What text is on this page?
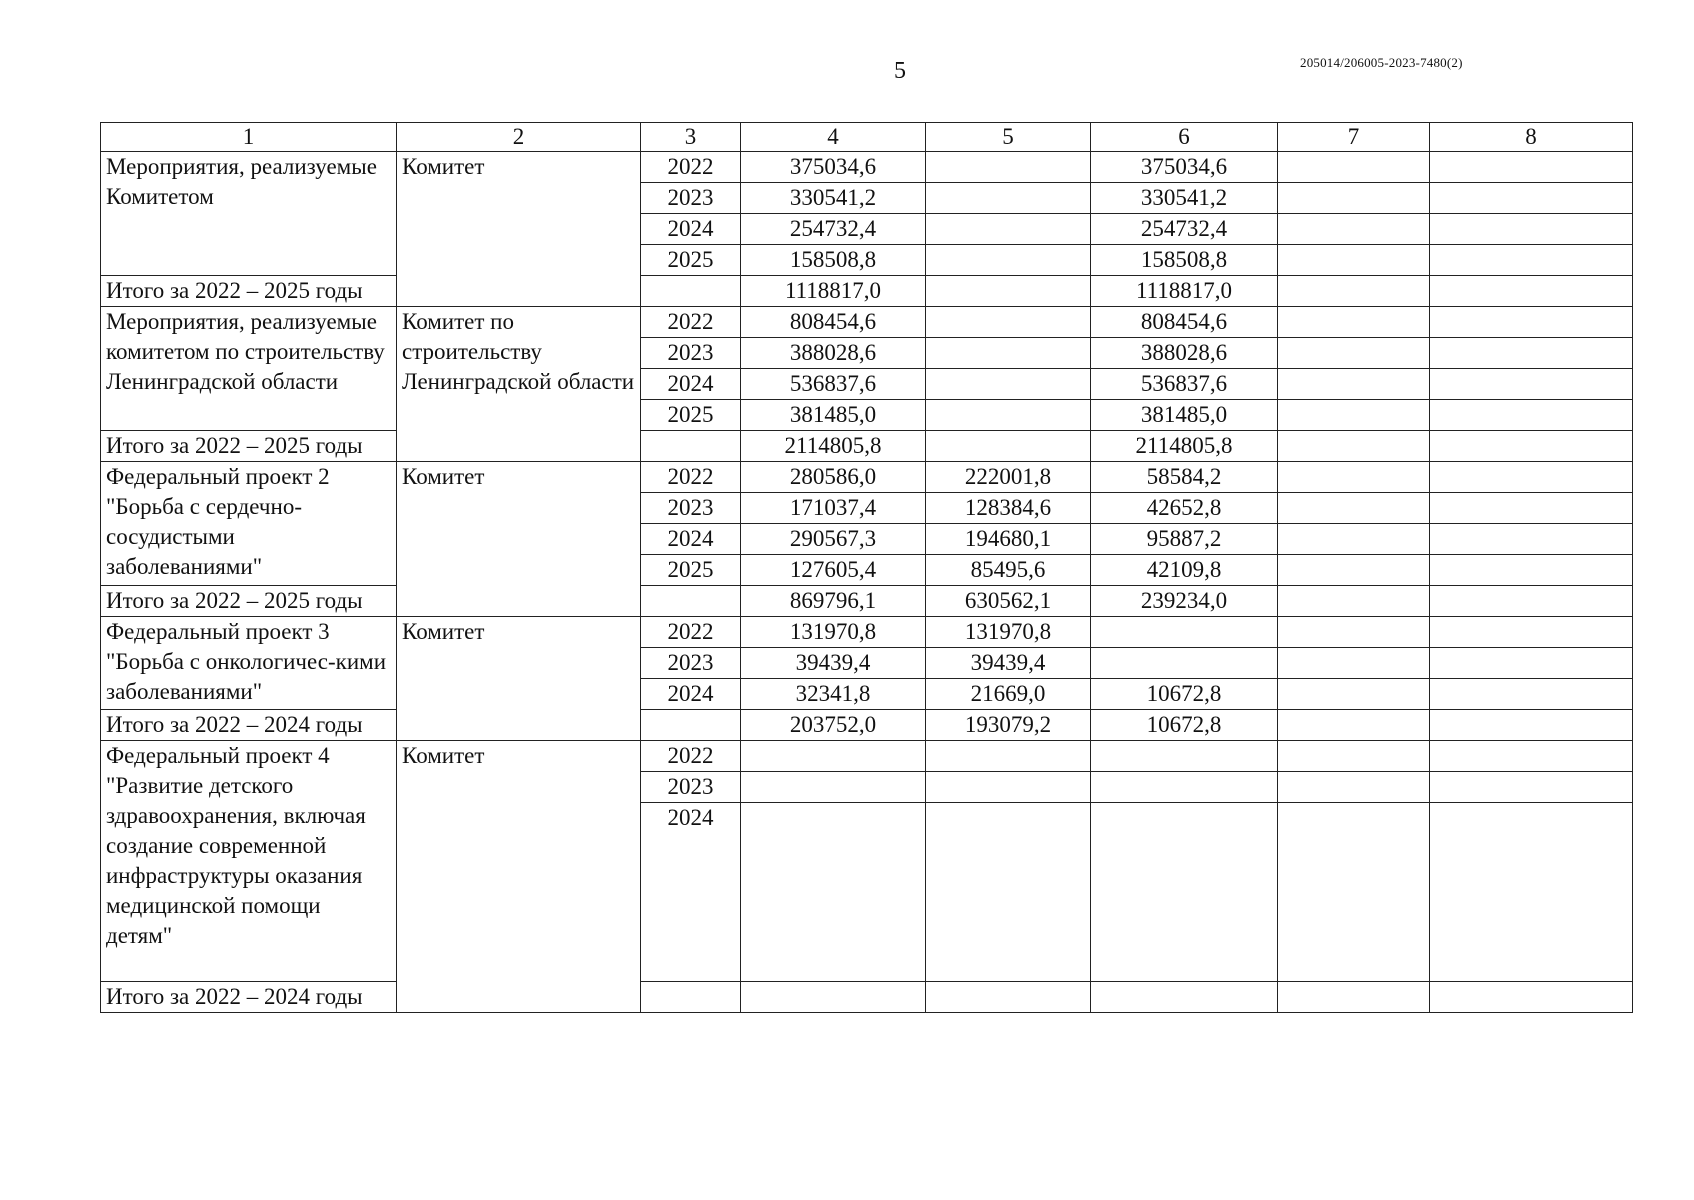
5	205014/206005-2023-7480(2)
1	2	3	4	5	6	7	8
Мероприятия, реализуемые Комитетом	Комитет	2022	375034,6		375034,6		
		2023	330541,2		330541,2		
		2024	254732,4		254732,4		
		2025	158508,8		158508,8		
Итого за 2022 – 2025 годы			1118817,0		1118817,0		
Мероприятия, реализуемые комитетом по строительству Ленинградской области	Комитет по строительству Ленинградской области	2022	808454,6		808454,6		
		2023	388028,6		388028,6		
		2024	536837,6		536837,6		
		2025	381485,0		381485,0		
Итого за 2022 – 2025 годы			2114805,8		2114805,8		
Федеральный проект 2 "Борьба с сердечно-сосудистыми заболеваниями"	Комитет	2022	280586,0	222001,8	58584,2		
		2023	171037,4	128384,6	42652,8		
		2024	290567,3	194680,1	95887,2		
		2025	127605,4	85495,6	42109,8		
Итого за 2022 – 2025 годы			869796,1	630562,1	239234,0		
Федеральный проект 3 "Борьба с онкологичес-кими заболеваниями"	Комитет	2022	131970,8	131970,8			
		2023	39439,4	39439,4			
		2024	32341,8	21669,0	10672,8		
Итого за 2022 – 2024 годы			203752,0	193079,2	10672,8		
Федеральный проект 4 "Развитие детского здравоохранения, включая создание современной инфраструктуры оказания медицинской помощи детям"	Комитет	2022					
		2023					
		2024					
Итого за 2022 – 2024 годы							
